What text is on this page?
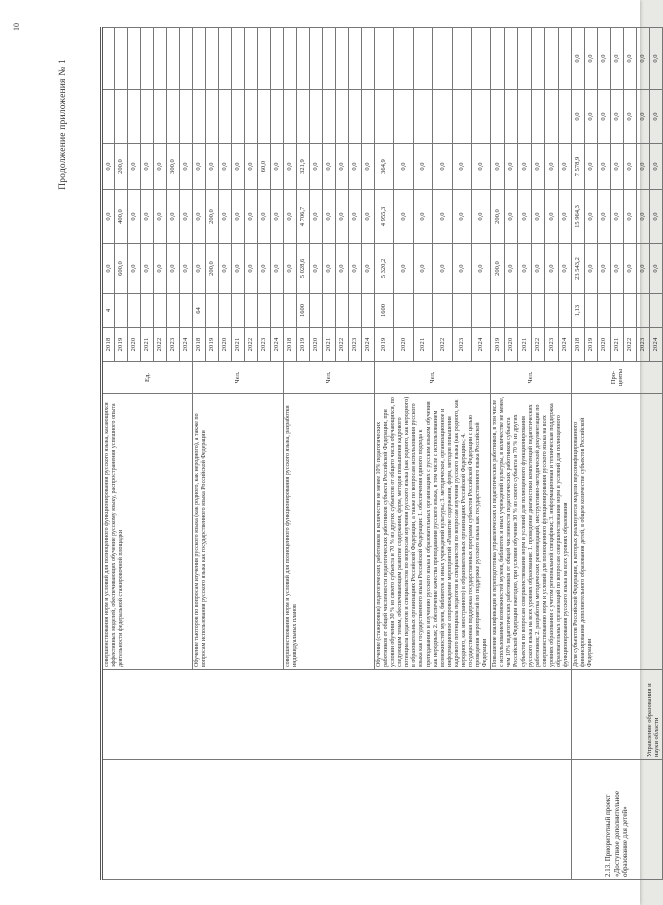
10
Продолжение приложения № 1
		совершенствования норм и условий для полноценного функционирования русского языка, касающихся эффективных моделей, обеспечивающих обучение русскому языку, распространения успешного опыта деятельности федеральной стажировочной площадки	Ед.	2018	4	0,0	0,0	0,0		
				2019		600,0	400,0	200,0		
				2020		0,0	0,0	0,0		
				2021		0,0	0,0	0,0		
				2022		0,0	0,0	0,0		
				2023		0,0	0,0	300,0		
				2024		0,0	0,0	0,0		
		Обучение тьюторов по вопросам изучения русского языка (как родного, как неродного), а также по вопросам использования русского языка как государственного языка Российской Федерации	Чел.	2018	64	0,0	0,0	0,0		
				2019		200,0	200,0	0,0		
				2020		0,0	0,0	0,0		
				2021		0,0	0,0	0,0		
				2022		0,0	0,0	0,0		
				2023		0,0	0,0	60,0		
				2024		0,0	0,0	0,0		
		совершенствования норм и условий для полноценного функционирования русского языка, разработки индивидуальных планов	Чел.	2018		0,0	0,0	0,0		
				2019	1600	5 028,6	4 706,7	321,9		
				2020		0,0	0,0	0,0		
				2021		0,0	0,0	0,0		
				2022		0,0	0,0	0,0		
				2023		0,0	0,0	0,0		
				2024		0,0	0,0	0,0		
		Обучение (стажировки) педагогических работников в количестве не менее 10% педагогических работников от общей численности педагогических работников субъекта Российской Федерации, при условии обучения 30 % из своего субъекта и 70 % из других субъектов от общего числа обучающихся, по следующим темам, обеспечивающим развитие содержания, форм, методов повышения кадрового потенциала педагогов и специалистов по вопросам изучения русского языка (как родного, как неродного) в образовательных организациях Российской Федерации, а также по вопросам использования русского языка как государственного языка Российской Федерации: 1. обеспечения единого подхода к преподаванию и изучению русского языка в образовательных организациях с русским языком обучения как неродным; 2. обеспечение качества преподавания русского языка, в том числе с использованием возможностей музеев, библиотек и иных учреждений культуры; 3. методическое, организационное и информационное сопровождение мероприятий «Развитие содержания, форм, методов повышения кадрового потенциала педагогов и специалистов по вопросам изучения русского языка (как родного, как неродного, как иностранного) в образовательных организациях Российской Федерации»; 4. государственная поддержка государственных программ субъектов Российской Федерации с целью проведения мероприятий по поддержке русского языка как государственного языка Российской Федерации	Чел.	2019	1600	5 320,2	4 955,3	364,9		
				2020		0,0	0,0	0,0		
				2021		0,0	0,0	0,0		
				2022		0,0	0,0	0,0		
				2023		0,0	0,0	0,0		
				2024		0,0	0,0	0,0		
		Повышение квалификации и переподготовка управленческих и педагогических работников, в том числе с использованием возможностей музеев, библиотек и иных учреждений культуры, в количестве не менее, чем 10% педагогических работников от общей численности педагогических работников субъекта Российской Федерации ежегодно, при условии обучения 30 % из своего субъекта и 70 % из других субъектов по вопросам совершенствования норм и условий для полноценного функционирования русского языка на всех уровнях образования: 1. проведение диагностики компетенций педагогических работников; 2. разработка методических рекомендаций, инструктивно-методической документации по совершенствованию норм и условий для полноценного функционирования русского языка на всех уровнях образования с учетом региональной специфики; 3. информационная и техническая поддержка образовательных организаций по вопросам совершенствования норм и условий для полноценного функционирования русского языка на всех уровнях образования	Чел.	2019		200,0	200,0	0,0		
				2020		0,0	0,0	0,0		
				2021		0,0	0,0	0,0		
				2022		0,0	0,0	0,0		
				2023		0,0	0,0	0,0		
				2024		0,0	0,0	0,0		
2.13. Приоритетный проект «Доступное дополнительное образование для детей»	Управление образования и науки области	Доля субъектов Российской Федерации, в которых реализуются модели персонифицированного финансирования дополнительного образования детей, в общем количестве субъектов Российской Федерации	Про- центы	2018	1,13	23 543,2	15 964,3	7 578,9	0,0	0,0
				2019		0,0	0,0	0,0	0,0	0,0
				2020		0,0	0,0	0,0	0,0	0,0
				2021		0,0	0,0	0,0	0,0	0,0
				2022		0,0	0,0	0,0	0,0	0,0
				2023		0,0	0,0	0,0	0,0	0,0
				2024		0,0	0,0	0,0	0,0	0,0
